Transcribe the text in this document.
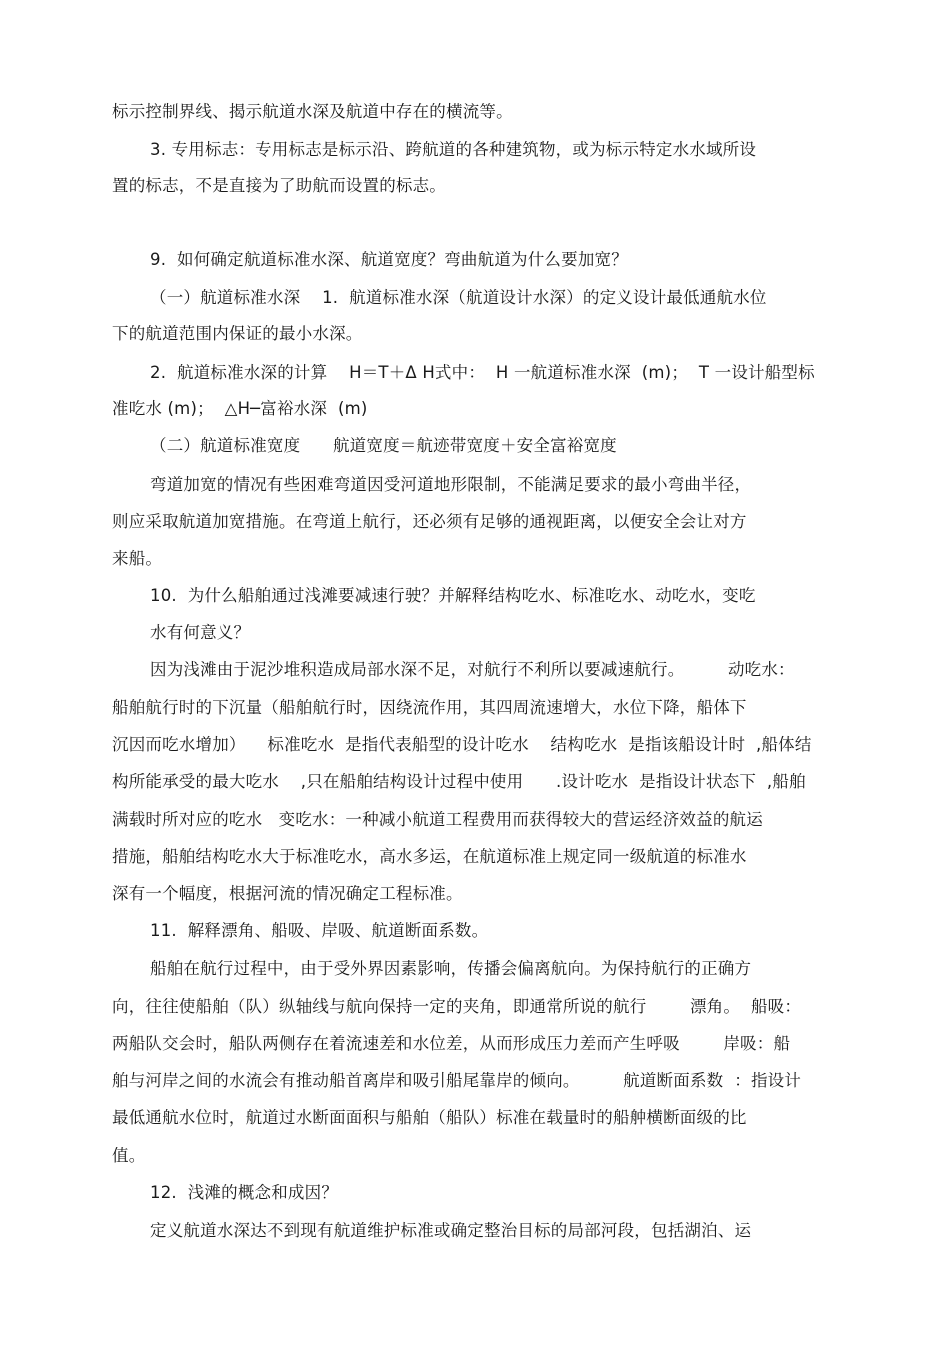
标示控制界线、揭示航道水深及航道中存在的横流等。
3. 专用标志：专用标志是标示沿、跨航道的各种建筑物，或为标示特定水水域所设
置的标志，不是直接为了助航而设置的标志。
9.  如何确定航道标准水深、航道宽度？弯曲航道为什么要加宽？
（一）航道标准水深    1.  航道标准水深（航道设计水深）的定义设计最低通航水位
下的航道范围内保证的最小水深。
2.  航道标准水深的计算    H＝T＋Δ H式中：  H 一航道标准水深  (m)；  T 一设计船型标
准吃水 (m)；  △H─富裕水深  (m)
（二）航道标准宽度      航道宽度＝航迹带宽度＋安全富裕宽度
弯道加宽的情况有些困难弯道因受河道地形限制，不能满足要求的最小弯曲半径，
则应采取航道加宽措施。在弯道上航行，还必须有足够的通视距离，以便安全会让对方
来船。
10.  为什么船舶通过浅滩要减速行驶？并解释结构吃水、标准吃水、动吃水，变吃
水有何意义？
因为浅滩由于泥沙堆积造成局部水深不足，对航行不利所以要减速航行。        动吃水：
船舶航行时的下沉量（船舶航行时，因绕流作用，其四周流速增大，水位下降，船体下
沉因而吃水增加）    标准吃水  是指代表船型的设计吃水    结构吃水  是指该船设计时  ,船体结
构所能承受的最大吃水    ,只在船舶结构设计过程中使用      .设计吃水  是指设计状态下  ,船舶
满载时所对应的吃水   变吃水：一种减小航道工程费用而获得较大的营运经济效益的航运
措施，船舶结构吃水大于标准吃水，高水多运，在航道标准上规定同一级航道的标准水
深有一个幅度，根据河流的情况确定工程标准。
11.  解释漂角、船吸、岸吸、航道断面系数。
船舶在航行过程中，由于受外界因素影响，传播会偏离航向。为保持航行的正确方
向，往往使船舶（队）纵轴线与航向保持一定的夹角，即通常所说的航行        漂角。  船吸：
两船队交会时，船队两侧存在着流速差和水位差，从而形成压力差而产生呼吸        岸吸：船
舶与河岸之间的水流会有推动船首离岸和吸引船尾靠岸的倾向。        航道断面系数  ：指设计
最低通航水位时，航道过水断面面积与船舶（船队）标准在载量时的船舯横断面级的比
值。
12.  浅滩的概念和成因？
定义航道水深达不到现有航道维护标准或确定整治目标的局部河段，包括湖泊、运
